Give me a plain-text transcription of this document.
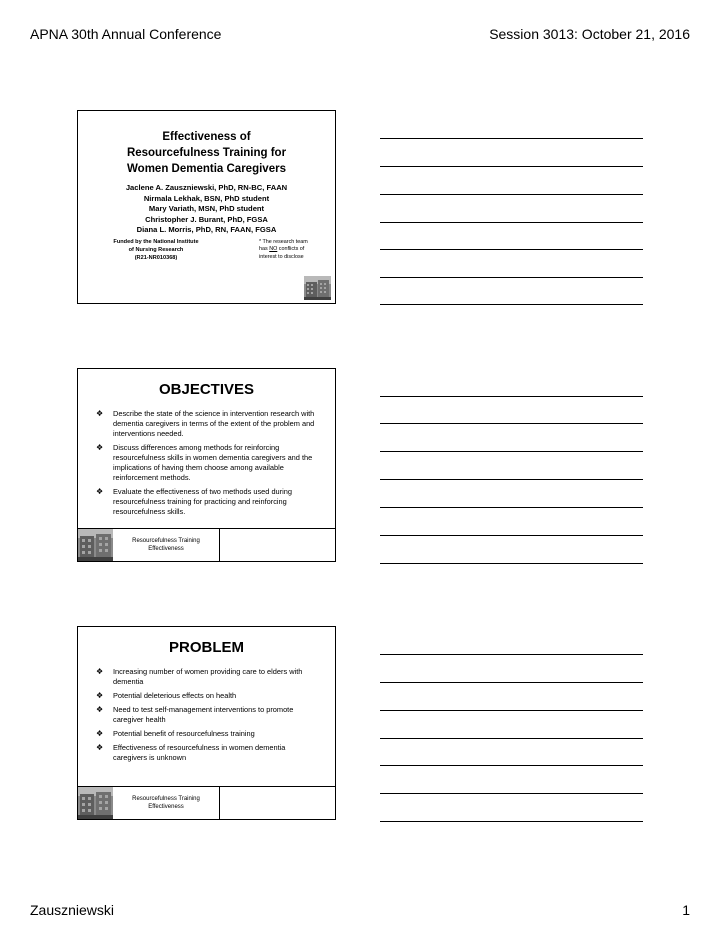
APNA 30th Annual Conference	Session 3013: October 21, 2016
Effectiveness of
Resourcefulness Training for
Women Dementia Caregivers
Jaclene A. Zauszniewski, PhD, RN-BC, FAAN
Nirmala Lekhak, BSN, PhD student
Mary Variath, MSN, PhD student
Christopher J. Burant, PhD, FGSA
Diana L. Morris, PhD, RN, FAAN, FGSA
Funded by the National Institute
of Nursing Research
(R21-NR010368)
* The research team
has NO conflicts of
interest to disclose
OBJECTIVES
❖ Describe the state of the science in intervention research with dementia caregivers in terms of the extent of the problem and interventions needed.
❖ Discuss differences among methods for reinforcing resourcefulness skills in women dementia caregivers and the implications of having them choose among available reinforcement methods.
❖ Evaluate the effectiveness of two methods used during resourcefulness training for practicing and reinforcing resourcefulness skills.
Resourcefulness Training
Effectiveness
PROBLEM
❖ Increasing number of women providing care to elders with dementia
❖ Potential deleterious effects on health
❖ Need to test self-management interventions to promote caregiver health
❖ Potential benefit of resourcefulness training
❖ Effectiveness of resourcefulness in women dementia caregivers is unknown
Resourcefulness Training
Effectiveness
Zauszniewski	1
